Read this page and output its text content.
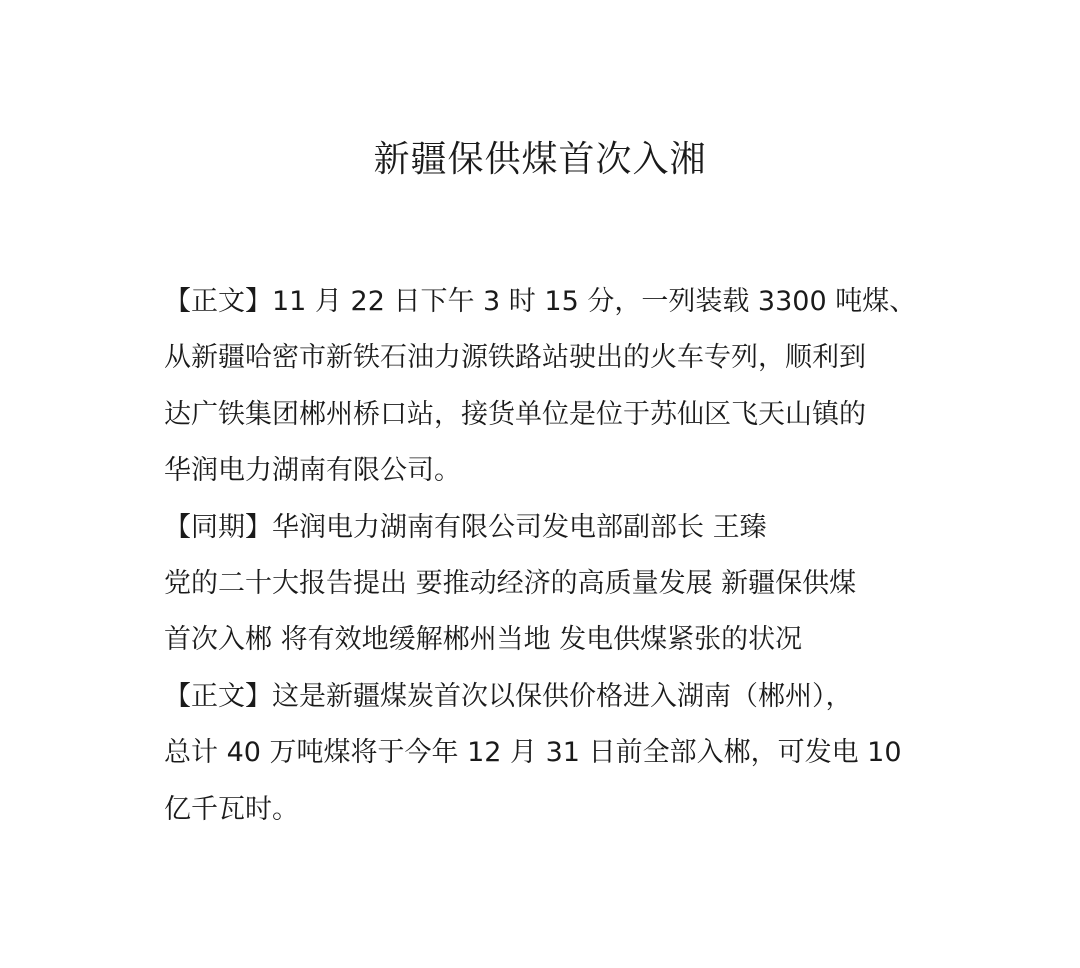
新疆保供煤首次入湘
【正文】11 月 22 日下午 3 时 15 分，一列装载 3300 吨煤、
从新疆哈密市新铁石油力源铁路站驶出的火车专列，顺利到
达广铁集团郴州桥口站，接货单位是位于苏仙区飞天山镇的
华润电力湖南有限公司。
【同期】华润电力湖南有限公司发电部副部长 王臻
党的二十大报告提出 要推动经济的高质量发展 新疆保供煤
首次入郴 将有效地缓解郴州当地 发电供煤紧张的状况
【正文】这是新疆煤炭首次以保供价格进入湖南（郴州），
总计 40 万吨煤将于今年 12 月 31 日前全部入郴，可发电 10
亿千瓦时。
